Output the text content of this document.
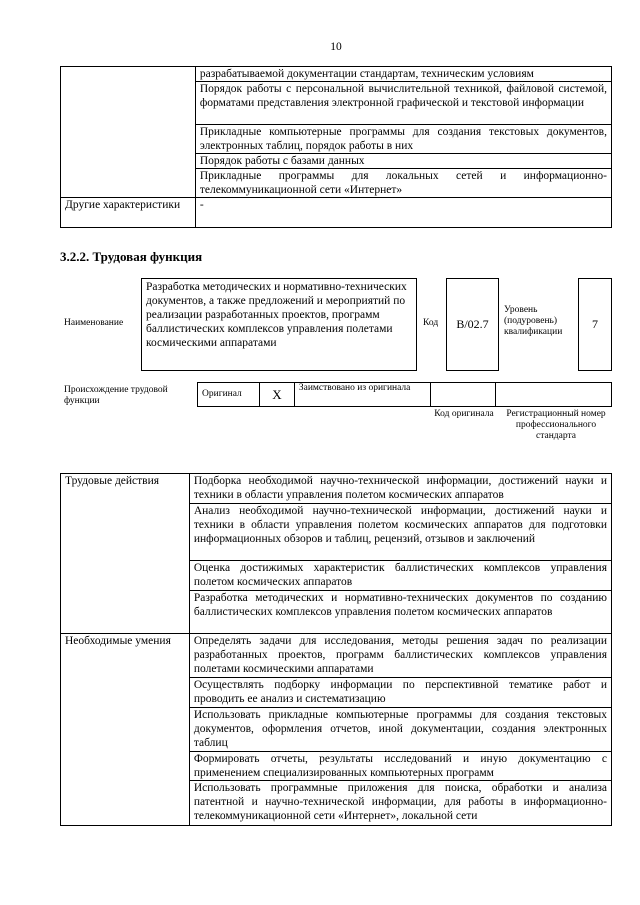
10
	разрабатываемой документации стандартам, техническим условиям
	Порядок работы с персональной вычислительной техникой, файловой системой, форматами представления электронной графической и текстовой информации
	Прикладные компьютерные программы для создания текстовых документов, электронных таблиц, порядок работы в них
	Порядок работы с базами данных
	Прикладные программы для локальных сетей и информационно-телекоммуникационной сети «Интернет»
Другие характеристики	-
3.2.2. Трудовая функция
Наименование
Разработка методических и нормативно-технических документов, а также предложений и мероприятий по реализации разработанных проектов, программ баллистических комплексов управления полетами космическими аппаратами
Код B/02.7
Уровень (подуровень) квалификации
7
Происхождение трудовой функции
Оригинал	X	Заимствовано из оригинала		
Код оригинала	Регистрационный номер профессионального стандарта
Трудовые действия	Подборка необходимой научно-технической информации, достижений науки и техники в области управления полетом космических аппаратов
	Анализ необходимой научно-технической информации, достижений науки и техники в области управления полетом космических аппаратов для подготовки информационных обзоров и таблиц, рецензий, отзывов и заключений
	Оценка достижимых характеристик баллистических комплексов управления полетом космических аппаратов
	Разработка методических и нормативно-технических документов по созданию баллистических комплексов управления полетом космических аппаратов
Необходимые умения	Определять задачи для исследования, методы решения задач по реализации разработанных проектов, программ баллистических комплексов управления полетами космическими аппаратами
	Осуществлять подборку информации по перспективной тематике работ и проводить ее анализ и систематизацию
	Использовать прикладные компьютерные программы для создания текстовых документов, оформления отчетов, иной документации, создания электронных таблиц
	Формировать отчеты, результаты исследований и иную документацию с применением специализированных компьютерных программ
	Использовать программные приложения для поиска, обработки и анализа патентной и научно-технической информации, для работы в информационно-телекоммуникационной сети «Интернет», локальной сети
